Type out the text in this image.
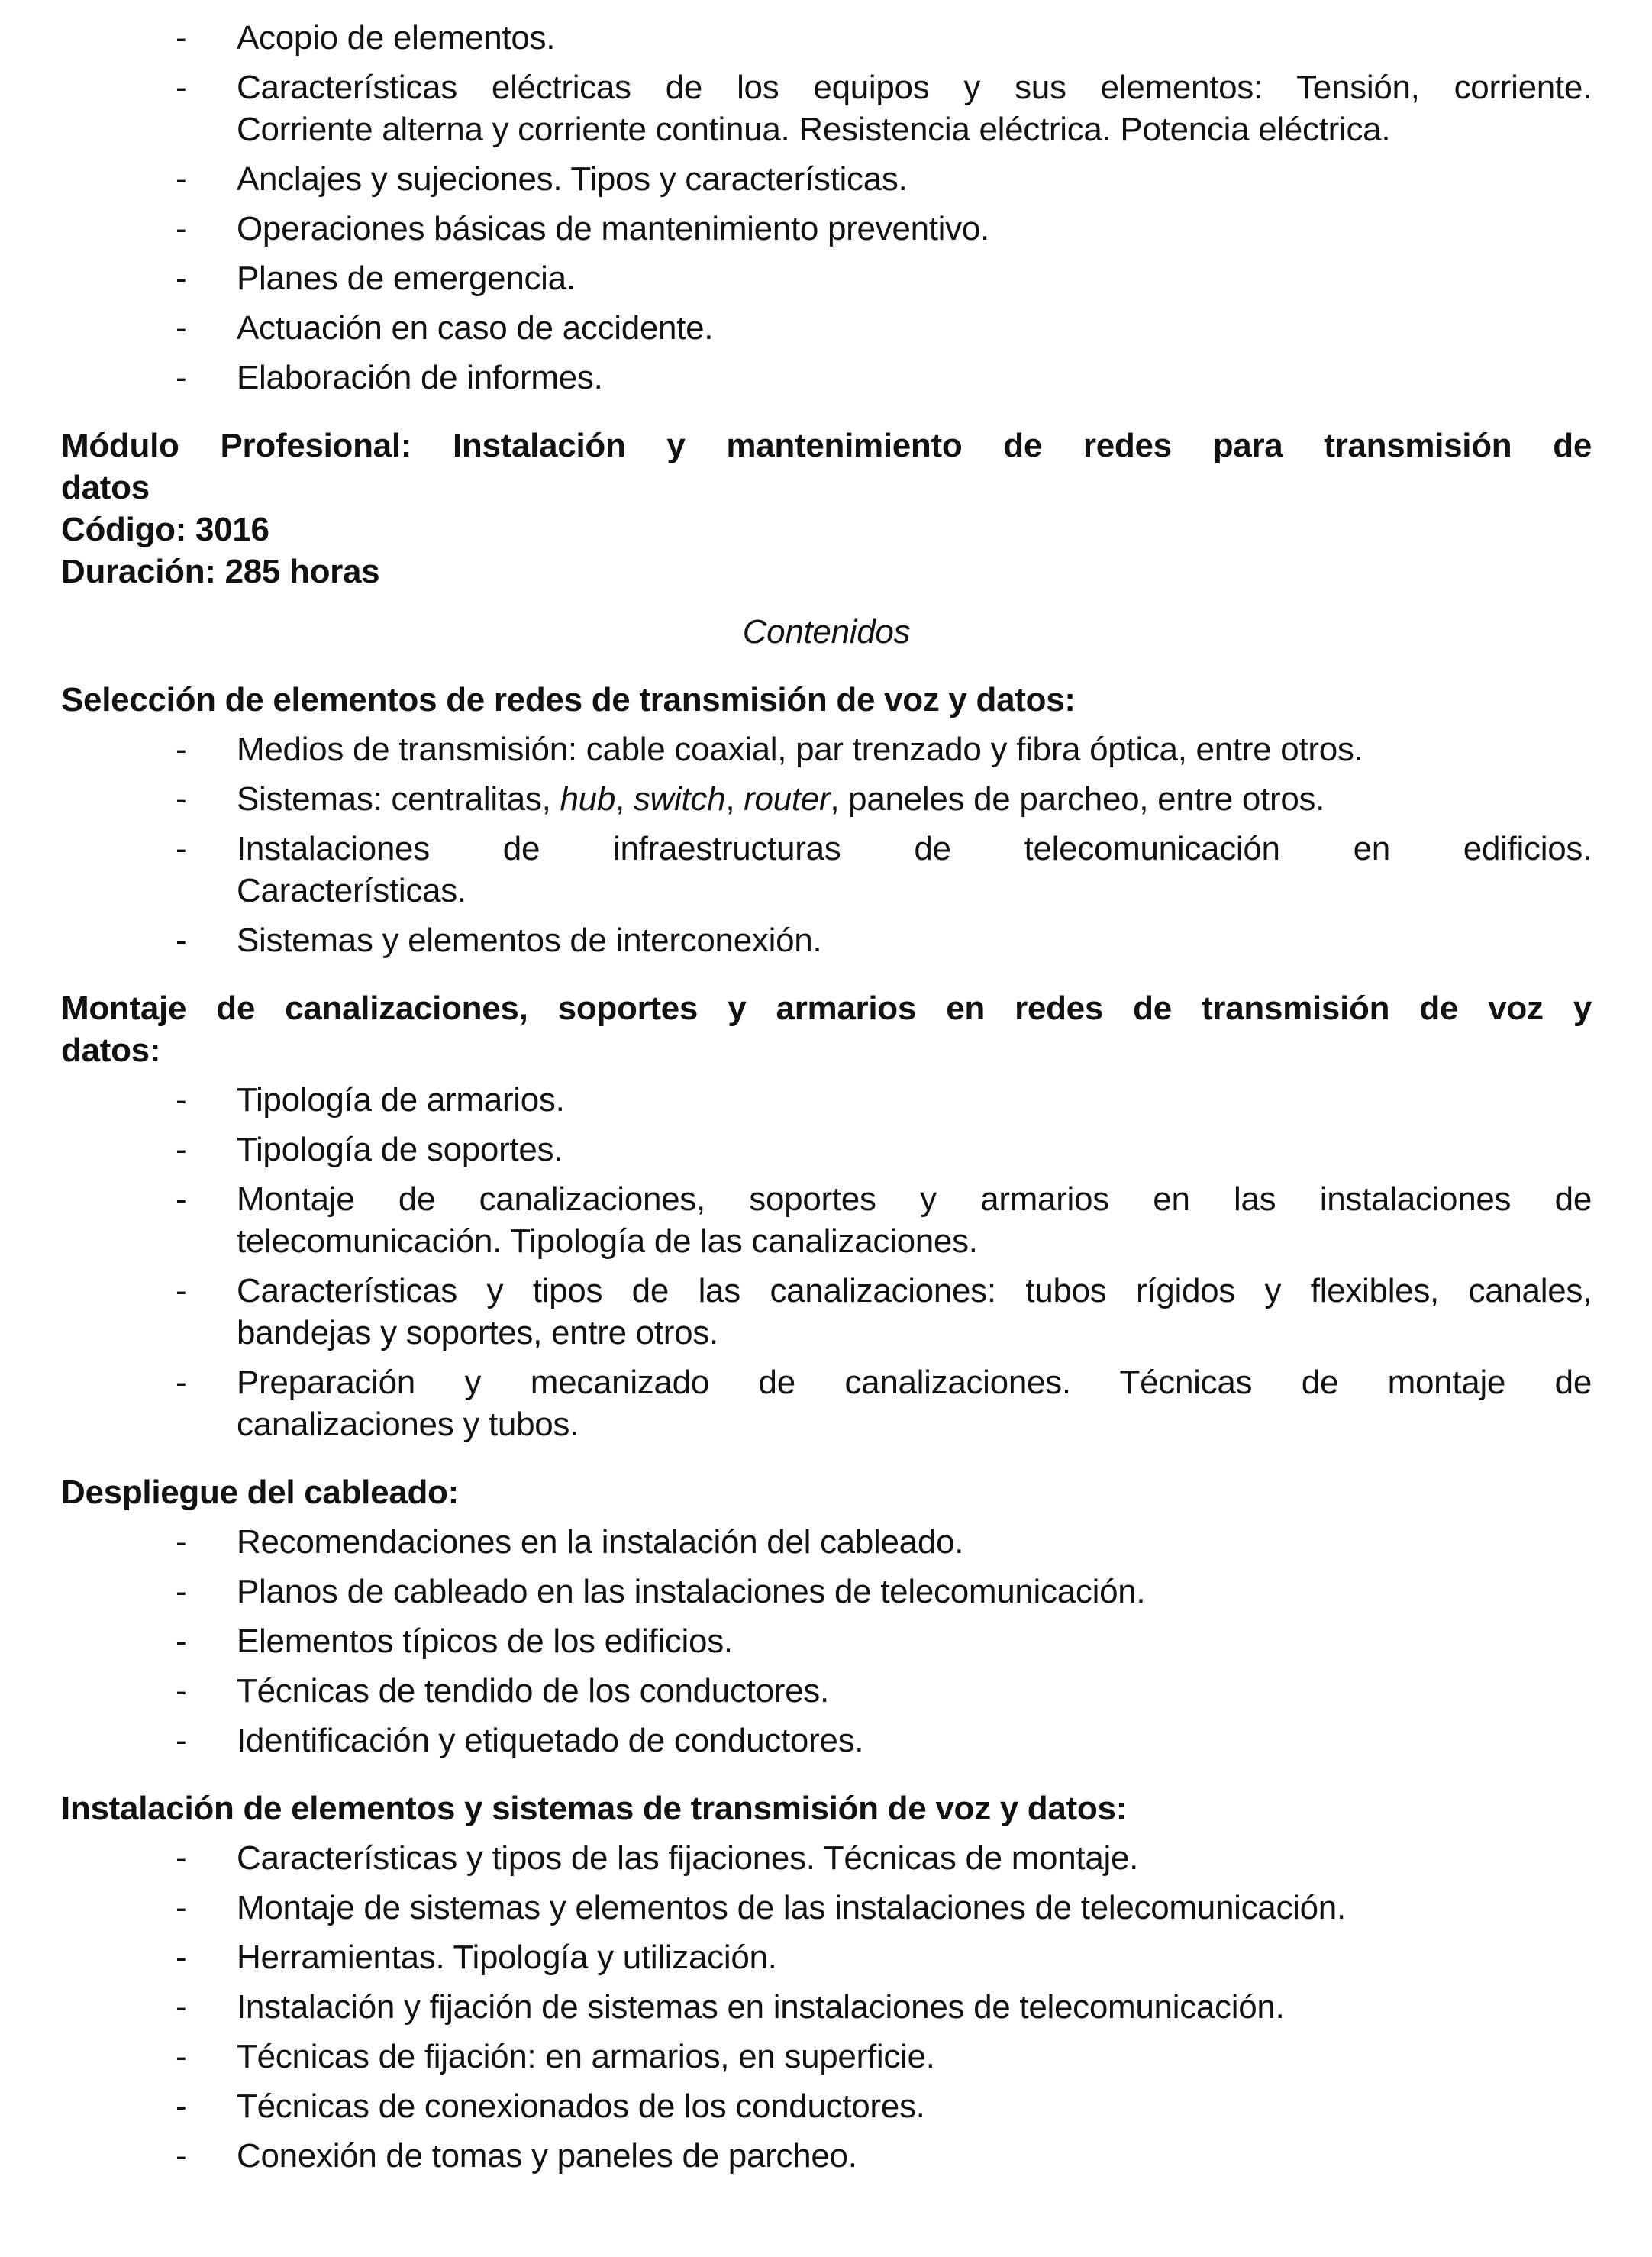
-	Acopio de elementos.
-	Características eléctricas de los equipos y sus elementos: Tensión, corriente.
Corriente alterna y corriente continua. Resistencia eléctrica. Potencia eléctrica.
-	Anclajes y sujeciones. Tipos y características.
-	Operaciones básicas de mantenimiento preventivo.
-	Planes de emergencia.
-	Actuación en caso de accidente.
-	Elaboración de informes.
Módulo Profesional: Instalación y mantenimiento de redes para transmisión de
datos
Código: 3016
Duración: 285 horas
Contenidos
Selección de elementos de redes de transmisión de voz y datos:
-	Medios de transmisión: cable coaxial, par trenzado y fibra óptica, entre otros.
-	Sistemas: centralitas, hub, switch, router, paneles de parcheo, entre otros.
-	Instalaciones de infraestructuras de telecomunicación en edificios.
Características.
-	Sistemas y elementos de interconexión.
Montaje de canalizaciones, soportes y armarios en redes de transmisión de voz y
datos:
-	Tipología de armarios.
-	Tipología de soportes.
-	Montaje de canalizaciones, soportes y armarios en las instalaciones de
telecomunicación. Tipología de las canalizaciones.
-	Características y tipos de las canalizaciones: tubos rígidos y flexibles, canales,
bandejas y soportes, entre otros.
-	Preparación y mecanizado de canalizaciones. Técnicas de montaje de
canalizaciones y tubos.
Despliegue del cableado:
-	Recomendaciones en la instalación del cableado.
-	Planos de cableado en las instalaciones de telecomunicación.
-	Elementos típicos de los edificios.
-	Técnicas de tendido de los conductores.
-	Identificación y etiquetado de conductores.
Instalación de elementos y sistemas de transmisión de voz y datos:
-	Características y tipos de las fijaciones. Técnicas de montaje.
-	Montaje de sistemas y elementos de las instalaciones de telecomunicación.
-	Herramientas. Tipología y utilización.
-	Instalación y fijación de sistemas en instalaciones de telecomunicación.
-	Técnicas de fijación: en armarios, en superficie.
-	Técnicas de conexionados de los conductores.
-	Conexión de tomas y paneles de parcheo.
